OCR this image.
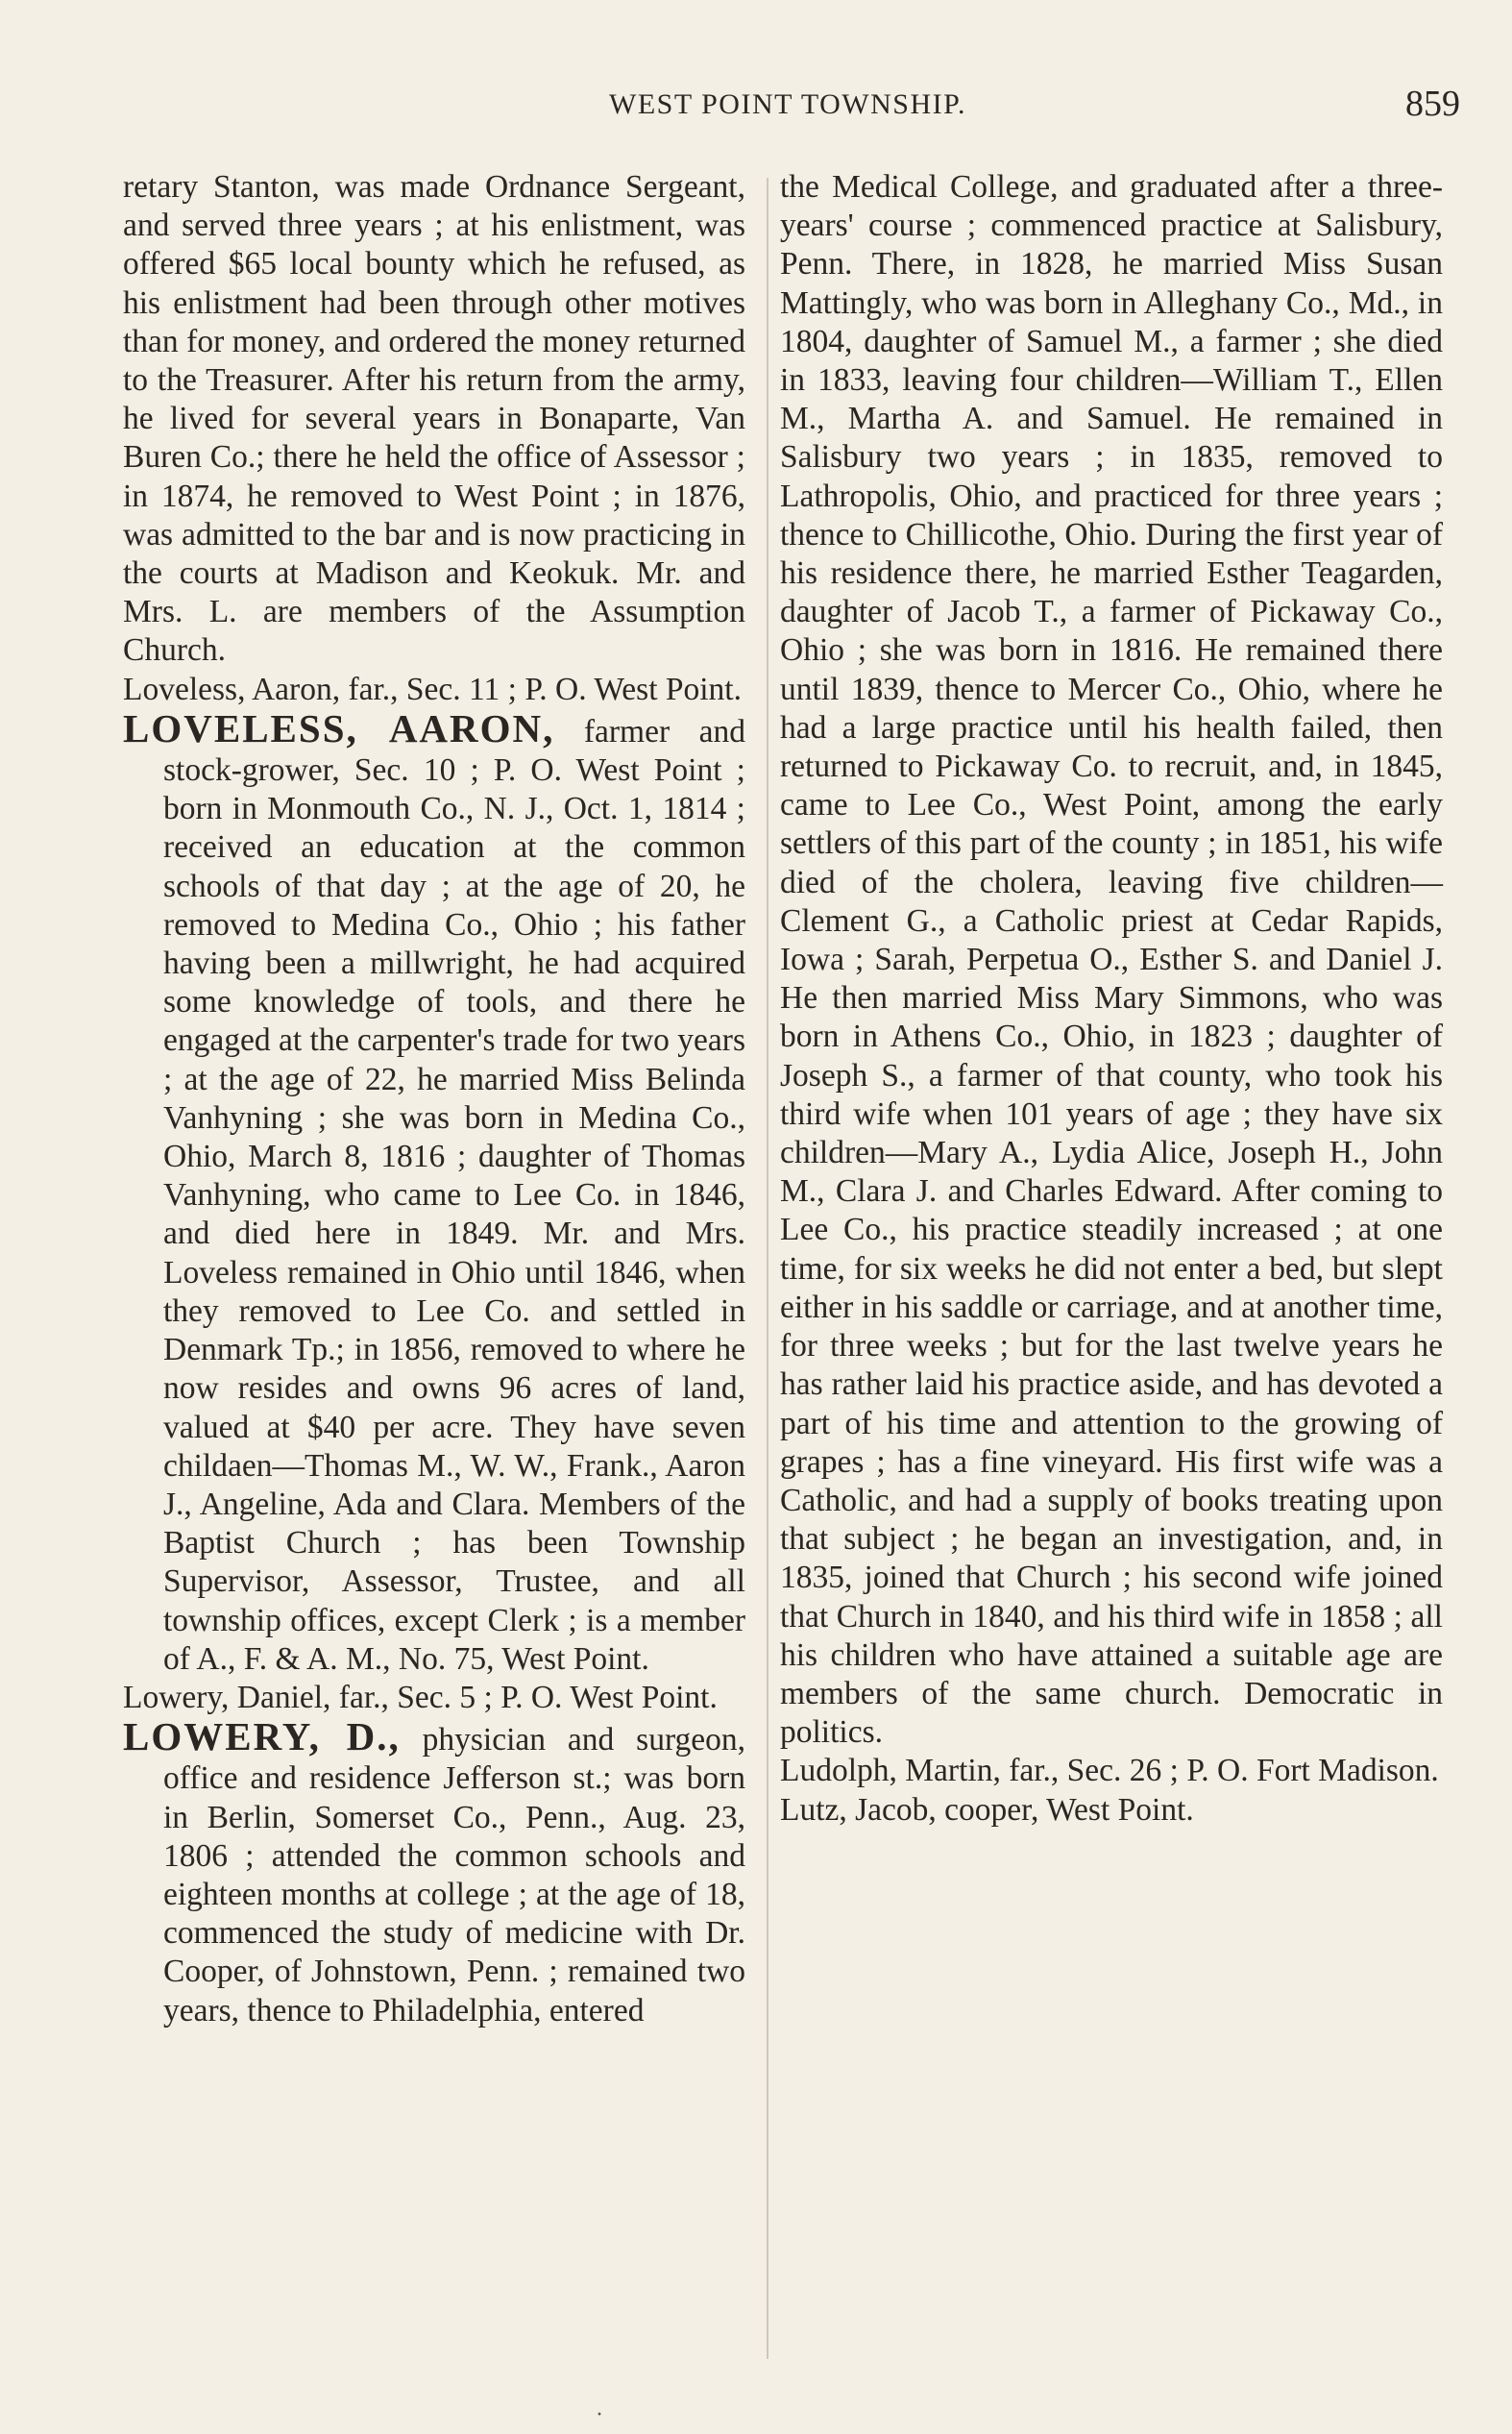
WEST POINT TOWNSHIP.	859

retary Stanton, was made Ordnance Sergeant, and served three years ; at his enlistment, was offered $65 local bounty which he refused, as his enlistment had been through other motives than for money, and ordered the money returned to the Treasurer. After his return from the army, he lived for several years in Bonaparte, Van Buren Co.; there he held the office of Assessor ; in 1874, he removed to West Point ; in 1876, was admitted to the bar and is now practicing in the courts at Madison and Keokuk. Mr. and Mrs. L. are members of the Assumption Church.

Loveless, Aaron, far., Sec. 11 ; P. O. West Point.

LOVELESS, AARON, farmer and stock-grower, Sec. 10 ; P. O. West Point ; born in Monmouth Co., N. J., Oct. 1, 1814 ; received an education at the common schools of that day ; at the age of 20, he removed to Medina Co., Ohio ; his father having been a millwright, he had acquired some knowledge of tools, and there he engaged at the carpenter's trade for two years ; at the age of 22, he married Miss Belinda Vanhyning ; she was born in Medina Co., Ohio, March 8, 1816 ; daughter of Thomas Vanhyning, who came to Lee Co. in 1846, and died here in 1849. Mr. and Mrs. Loveless remained in Ohio until 1846, when they removed to Lee Co. and settled in Denmark Tp.; in 1856, removed to where he now resides and owns 96 acres of land, valued at $40 per acre. They have seven childaen—Thomas M., W. W., Frank., Aaron J., Angeline, Ada and Clara. Members of the Baptist Church ; has been Township Supervisor, Assessor, Trustee, and all township offices, except Clerk ; is a member of A., F. & A. M., No. 75, West Point.

Lowery, Daniel, far., Sec. 5 ; P. O. West Point.

LOWERY, D., physician and surgeon, office and residence Jefferson st.; was born in Berlin, Somerset Co., Penn., Aug. 23, 1806 ; attended the common schools and eighteen months at college ; at the age of 18, commenced the study of medicine with Dr. Cooper, of Johnstown, Penn. ; remained two years, thence to Philadelphia, entered

the Medical College, and graduated after a three-years' course ; commenced practice at Salisbury, Penn. There, in 1828, he married Miss Susan Mattingly, who was born in Alleghany Co., Md., in 1804, daughter of Samuel M., a farmer ; she died in 1833, leaving four children—William T., Ellen M., Martha A. and Samuel. He remained in Salisbury two years ; in 1835, removed to Lathropolis, Ohio, and practiced for three years ; thence to Chillicothe, Ohio. During the first year of his residence there, he married Esther Teagarden, daughter of Jacob T., a farmer of Pickaway Co., Ohio ; she was born in 1816. He remained there until 1839, thence to Mercer Co., Ohio, where he had a large practice until his health failed, then returned to Pickaway Co. to recruit, and, in 1845, came to Lee Co., West Point, among the early settlers of this part of the county ; in 1851, his wife died of the cholera, leaving five children—Clement G., a Catholic priest at Cedar Rapids, Iowa ; Sarah, Perpetua O., Esther S. and Daniel J. He then married Miss Mary Simmons, who was born in Athens Co., Ohio, in 1823 ; daughter of Joseph S., a farmer of that county, who took his third wife when 101 years of age ; they have six children—Mary A., Lydia Alice, Joseph H., John M., Clara J. and Charles Edward. After coming to Lee Co., his practice steadily increased ; at one time, for six weeks he did not enter a bed, but slept either in his saddle or carriage, and at another time, for three weeks ; but for the last twelve years he has rather laid his practice aside, and has devoted a part of his time and attention to the growing of grapes ; has a fine vineyard. His first wife was a Catholic, and had a supply of books treating upon that subject ; he began an investigation, and, in 1835, joined that Church ; his second wife joined that Church in 1840, and his third wife in 1858 ; all his children who have attained a suitable age are members of the same church. Democratic in politics.

Ludolph, Martin, far., Sec. 26 ; P. O. Fort Madison.

Lutz, Jacob, cooper, West Point.

·
